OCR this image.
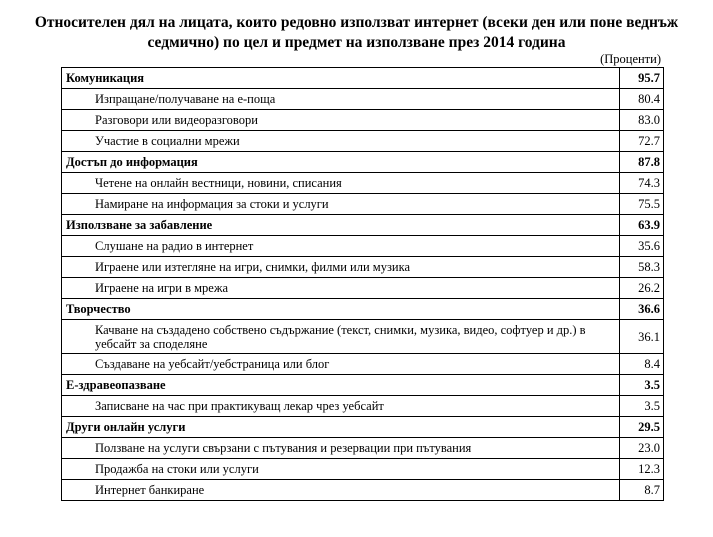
Относителен дял на лицата, които редовно използват интернет (всеки ден или поне веднъж седмично) по цел и предмет на използване през 2014 година
(Проценти)
Комуникация	95.7
Изпращане/получаване на е-поща	80.4
Разговори или видеоразговори	83.0
Участие в социални мрежи	72.7
Достъп до информация	87.8
Четене на онлайн вестници, новини, списания	74.3
Намиране на информация за стоки и услуги	75.5
Използване за забавление	63.9
Слушане на радио в интернет	35.6
Играене или изтегляне на игри, снимки, филми или музика	58.3
Играене на игри в мрежа	26.2
Творчество	36.6
Качване на създадено собствено съдържание (текст, снимки, музика, видео, софтуер и др.) в уебсайт за споделяне	36.1
Създаване на уебсайт/уебстраница или блог	8.4
Е-здравеопазване	3.5
Записване на час при практикуващ лекар чрез уебсайт	3.5
Други онлайн услуги	29.5
Ползване на услуги свързани с пътувания и резервации при пътувания	23.0
Продажба на стоки или услуги	12.3
Интернет банкиране	8.7
